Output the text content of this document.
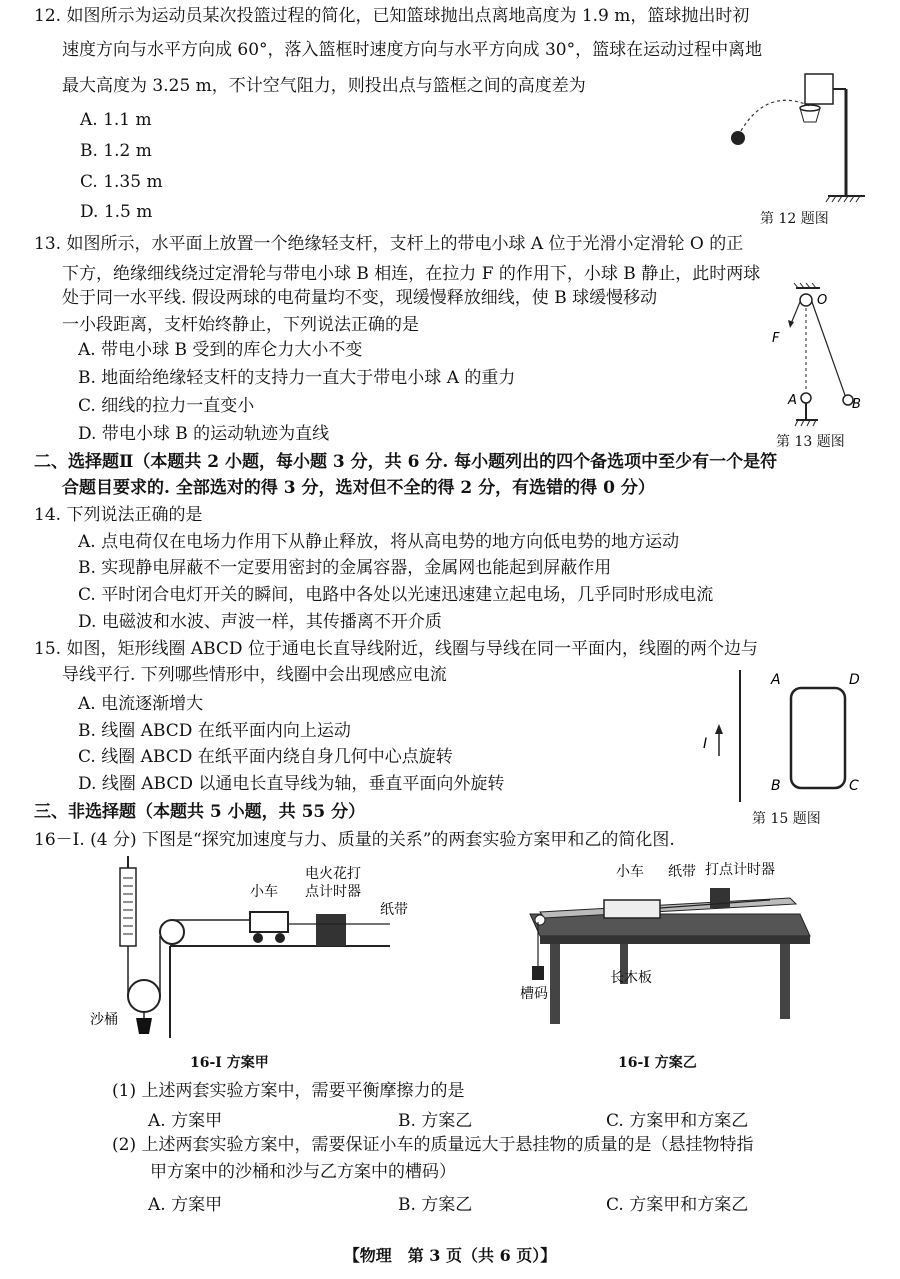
12. 如图所示为运动员某次投篮过程的简化，已知篮球抛出点离地高度为 1.9 m，篮球抛出时初
速度方向与水平方向成 60°，落入篮框时速度方向与水平方向成 30°，篮球在运动过程中离地
最大高度为 3.25 m，不计空气阻力，则投出点与篮框之间的高度差为
A. 1.1 m
B. 1.2 m
C. 1.35 m
D. 1.5 m	第 12 题图
13. 如图所示，水平面上放置一个绝缘轻支杆，支杆上的带电小球 A 位于光滑小定滑轮 O 的正
下方，绝缘细线绕过定滑轮与带电小球 B 相连，在拉力 F 的作用下，小球 B 静止，此时两球
处于同一水平线. 假设两球的电荷量均不变，现缓慢释放细线，使 B 球缓慢移动
一小段距离，支杆始终静止，下列说法正确的是
A. 带电小球 B 受到的库仑力大小不变
B. 地面给绝缘轻支杆的支持力一直大于带电小球 A 的重力
C. 细线的拉力一直变小
D. 带电小球 B 的运动轨迹为直线
O
F
B
A
第 13 题图
二、选择题Ⅱ（本题共 2 小题，每小题 3 分，共 6 分. 每小题列出的四个备选项中至少有一个是符
合题目要求的. 全部选对的得 3 分，选对但不全的得 2 分，有选错的得 0 分）
14. 下列说法正确的是
A. 点电荷仅在电场力作用下从静止释放，将从高电势的地方向低电势的地方运动
B. 实现静电屏蔽不一定要用密封的金属容器，金属网也能起到屏蔽作用
C. 平时闭合电灯开关的瞬间，电路中各处以光速迅速建立起电场，几乎同时形成电流
D. 电磁波和水波、声波一样，其传播离不开介质
15. 如图，矩形线圈 ABCD 位于通电长直导线附近，线圈与导线在同一平面内，线圈的两个边与
导线平行. 下列哪些情形中，线圈中会出现感应电流
A. 电流逐渐增大
B. 线圈 ABCD 在纸平面内向上运动
C. 线圈 ABCD 在纸平面内绕自身几何中心点旋转
D. 线圈 ABCD 以通电长直导线为轴，垂直平面向外旋转
I
A	D
B	C
第 15 题图
三、非选择题（本题共 5 小题，共 55 分）
16－Ⅰ. (4 分) 下图是“探究加速度与力、质量的关系”的两套实验方案甲和乙的简化图.
小车
电火花打
点计时器
纸带
沙桶
16-I 方案甲
小车 纸带 打点计时器
长木板
槽码
16-I 方案乙
(1) 上述两套实验方案中，需要平衡摩擦力的是
A. 方案甲	B. 方案乙	C. 方案甲和方案乙
(2) 上述两套实验方案中，需要保证小车的质量远大于悬挂物的质量的是（悬挂物特指
甲方案中的沙桶和沙与乙方案中的槽码）
A. 方案甲	B. 方案乙	C. 方案甲和方案乙
【物理　第 3 页（共 6 页）】
